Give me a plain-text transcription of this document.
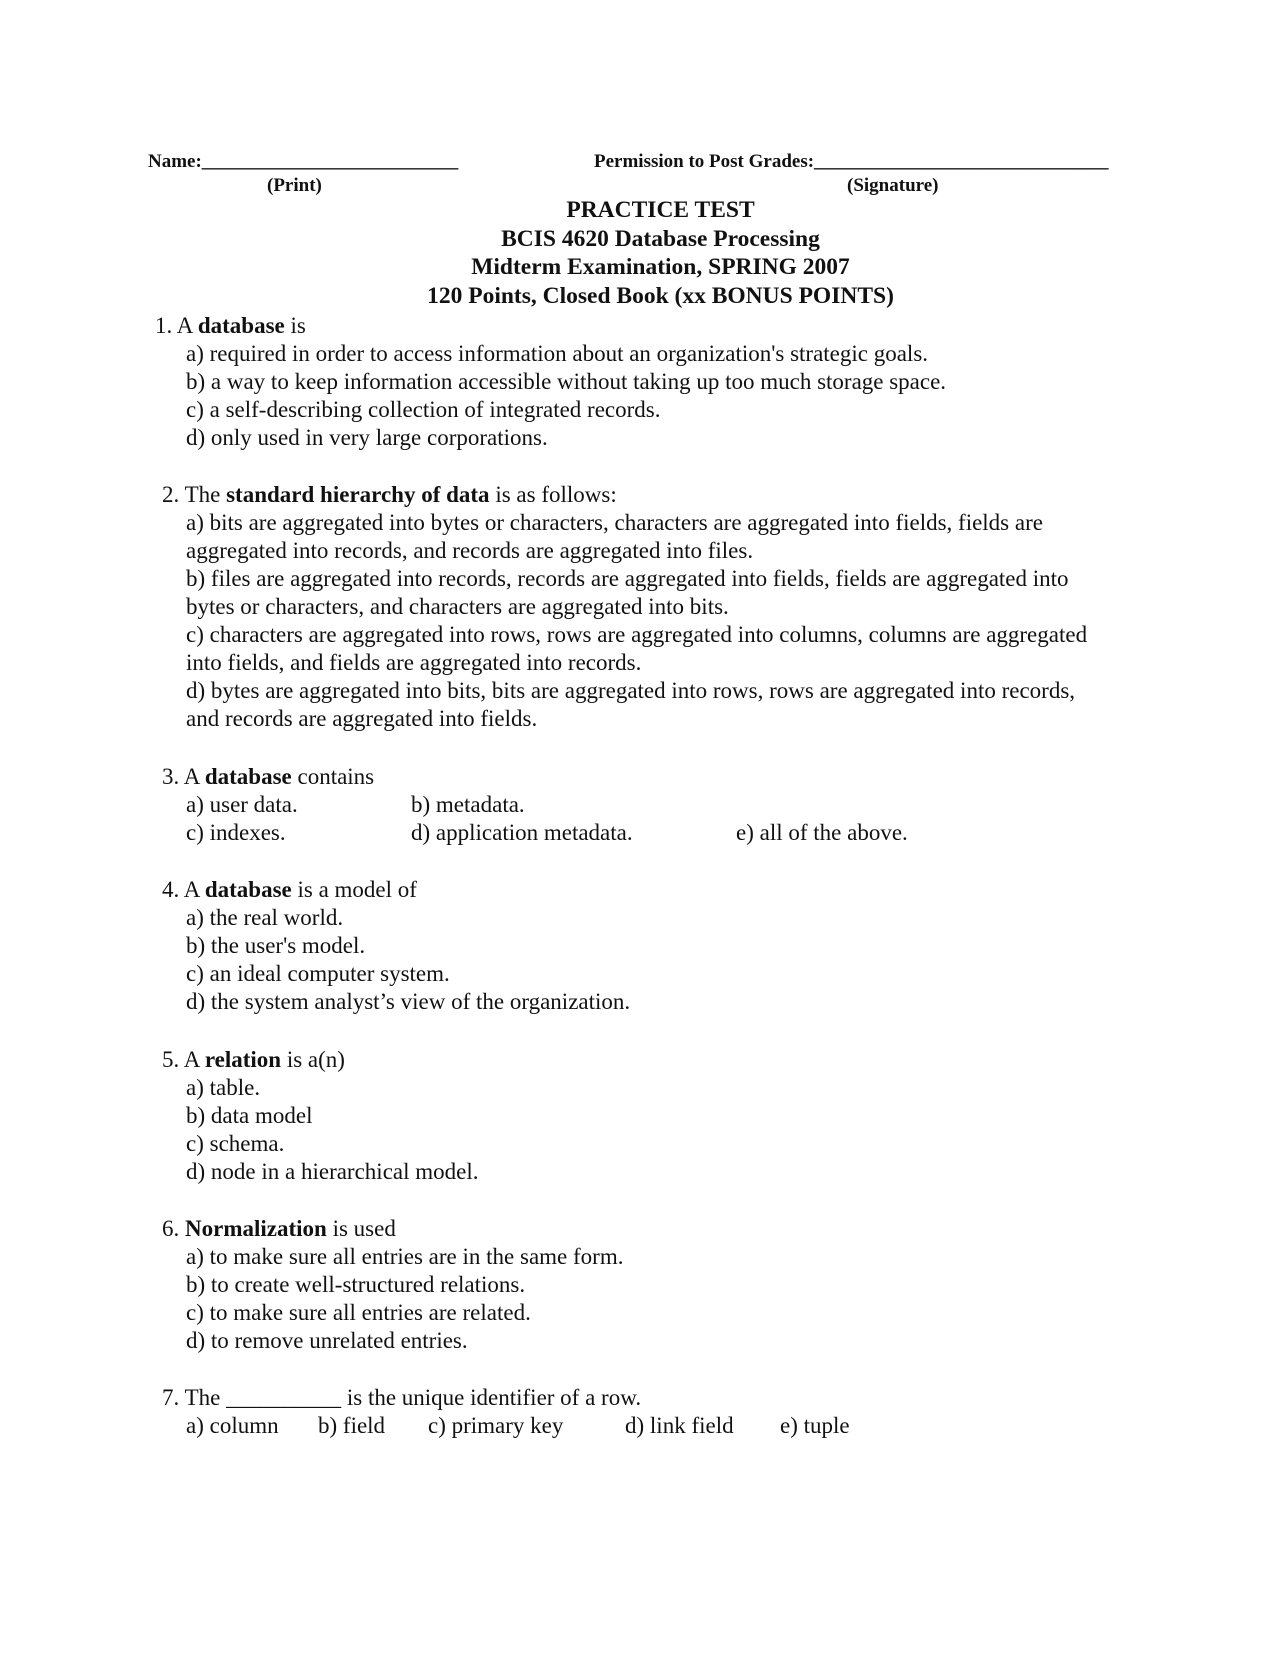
Name:___________________________
(Print)
Permission to Post Grades:_______________________________
(Signature)
PRACTICE TEST
BCIS 4620 Database Processing
Midterm Examination, SPRING 2007
120 Points, Closed Book (xx BONUS POINTS)
1. A database is
a) required in order to access information about an organization's strategic goals.
b) a way to keep information accessible without taking up too much storage space.
c) a self-describing collection of integrated records.
d) only used in very large corporations.
2. The standard hierarchy of data is as follows:
a) bits are aggregated into bytes or characters, characters are aggregated into fields, fields are
aggregated into records, and records are aggregated into files.
b) files are aggregated into records, records are aggregated into fields, fields are aggregated into
bytes or characters, and characters are aggregated into bits.
c) characters are aggregated into rows, rows are aggregated into columns, columns are aggregated
into fields, and fields are aggregated into records.
d) bytes are aggregated into bits, bits are aggregated into rows, rows are aggregated into records,
and records are aggregated into fields.
3. A database contains
a) user data.	b) metadata.
c) indexes.	d) application metadata.	e) all of the above.
4. A database is a model of
a) the real world.
b) the user's model.
c) an ideal computer system.
d) the system analyst’s view of the organization.
5. A relation is a(n)
a) table.
b) data model
c) schema.
d) node in a hierarchical model.
6. Normalization is used
a) to make sure all entries are in the same form.
b) to create well-structured relations.
c) to make sure all entries are related.
d) to remove unrelated entries.
7. The __________ is the unique identifier of a row.
a) column b) field c) primary key	d) link field e) tuple
